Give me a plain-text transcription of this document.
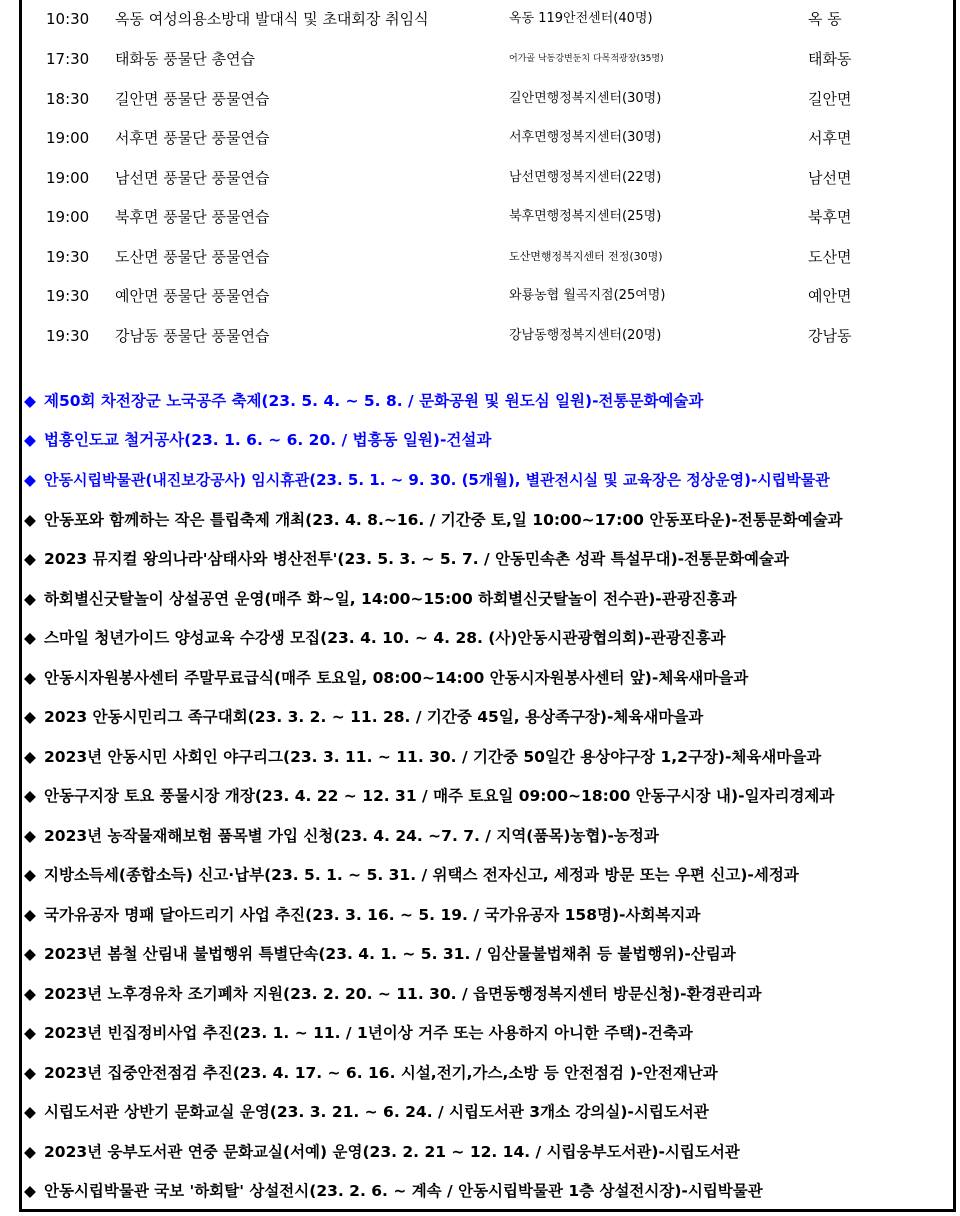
10:30 옥동 여성의용소방대 발대식 및 초대회장 취임식	옥동 119안전센터(40명)	옥 동
17:30 태화동 풍물단 총연습	어가골 낙동강변둔치 다목적광장(35명)	태화동
18:30 길안면 풍물단 풍물연습	길안면행정복지센터(30명)	길안면
19:00 서후면 풍물단 풍물연습	서후면행정복지센터(30명)	서후면
19:00 남선면 풍물단 풍물연습	남선면행정복지센터(22명)	남선면
19:00 북후면 풍물단 풍물연습	북후면행정복지센터(25명)	북후면
19:30 도산면 풍물단 풍물연습	도산면행정복지센터 전정(30명)	도산면
19:30 예안면 풍물단 풍물연습	와룡농협 월곡지점(25여명)	예안면
19:30 강남동 풍물단 풍물연습	강남동행정복지센터(20명)	강남동
◆ 제50회 차전장군 노국공주 축제(23. 5. 4. ~ 5. 8. / 문화공원 및 원도심 일원)-전통문화예술과
◆ 법흥인도교 철거공사(23. 1. 6. ~ 6. 20. / 법흥동 일원)-건설과
◆ 안동시립박물관(내진보강공사) 임시휴관(23. 5. 1. ~ 9. 30. (5개월), 별관전시실 및 교육장은 정상운영)-시립박물관
◆ 안동포와 함께하는 작은 틀립축제 개최(23. 4. 8.~16. / 기간중 토,일 10:00~17:00 안동포타운)-전통문화예술과
◆ 2023 뮤지컬 왕의나라'삼태사와 병산전투'(23. 5. 3. ~ 5. 7. / 안동민속촌 성곽 특설무대)-전통문화예술과
◆ 하회별신굿탈놀이 상설공연 운영(매주 화~일, 14:00~15:00 하회별신굿탈놀이 전수관)-관광진흥과
◆ 스마일 청년가이드 양성교육 수강생 모집(23. 4. 10. ~ 4. 28. (사)안동시관광협의회)-관광진흥과
◆ 안동시자원봉사센터 주말무료급식(매주 토요일, 08:00~14:00 안동시자원봉사센터 앞)-체육새마을과
◆ 2023 안동시민리그 족구대회(23. 3. 2. ~ 11. 28. / 기간중 45일, 용상족구장)-체육새마을과
◆ 2023년 안동시민 사회인 야구리그(23. 3. 11. ~ 11. 30. / 기간중 50일간 용상야구장 1,2구장)-체육새마을과
◆ 안동구지장 토요 풍물시장 개장(23. 4. 22 ~ 12. 31 / 매주 토요일 09:00~18:00 안동구시장 내)-일자리경제과
◆ 2023년 농작물재해보험 품목별 가입 신청(23. 4. 24. ~7. 7. / 지역(품목)농협)-농정과
◆ 지방소득세(종합소득) 신고·납부(23. 5. 1. ~ 5. 31. / 위택스 전자신고, 세정과 방문 또는 우편 신고)-세정과
◆ 국가유공자 명패 달아드리기 사업 추진(23. 3. 16. ~ 5. 19. / 국가유공자 158명)-사회복지과
◆ 2023년 봄철 산림내 불법행위 특별단속(23. 4. 1. ~ 5. 31. / 임산물불법채취 등 불법행위)-산림과
◆ 2023년 노후경유차 조기폐차 지원(23. 2. 20. ~ 11. 30. / 읍면동행정복지센터 방문신청)-환경관리과
◆ 2023년 빈집정비사업 추진(23. 1. ~ 11. / 1년이상 거주 또는 사용하지 아니한 주택)-건축과
◆ 2023년 집중안전점검 추진(23. 4. 17. ~ 6. 16. 시설,전기,가스,소방 등 안전점검 )-안전재난과
◆ 시립도서관 상반기 문화교실 운영(23. 3. 21. ~ 6. 24. / 시립도서관 3개소 강의실)-시립도서관
◆ 2023년 웅부도서관 연중 문화교실(서예) 운영(23. 2. 21 ~ 12. 14. / 시립웅부도서관)-시립도서관
◆ 안동시립박물관 국보 '하회탈' 상설전시(23. 2. 6. ~ 계속 / 안동시립박물관 1층 상설전시장)-시립박물관
